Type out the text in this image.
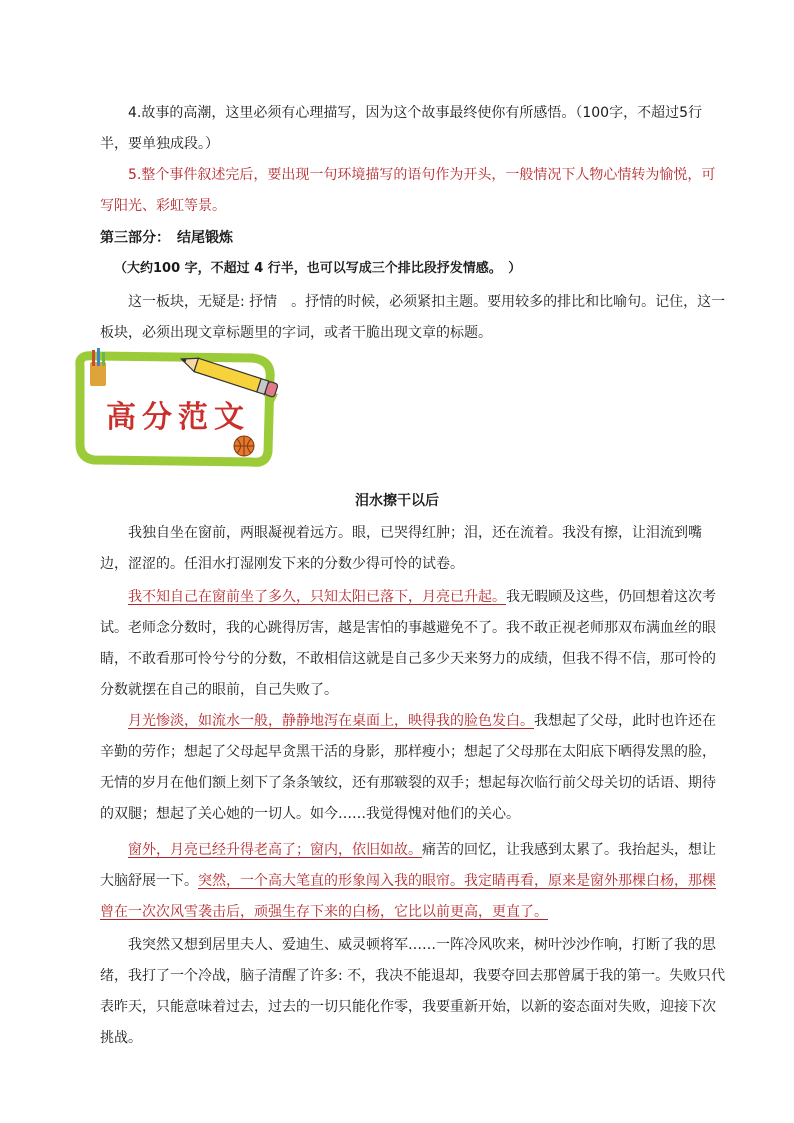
4.故事的高潮，这里必须有心理描写，因为这个故事最终使你有所感悟。（100字，不超过5行半，要单独成段。）

5.整个事件叙述完后，要出现一句环境描写的语句作为开头，一般情况下人物心情转为愉悦，可写阳光、彩虹等景。

第三部分：　结尾锻炼
（大约100 字，不超过 4 行半，也可以写成三个排比段抒发情感。　）

这一板块，无疑是: 抒情　。抒情的时候，必须紧扣主题。要用较多的排比和比喻句。记住，这一板块，必须出现文章标题里的字词，或者干脆出现文章的标题。

高分范文
泪水擦干以后

我独自坐在窗前，两眼凝视着远方。眼，已哭得红肿；泪，还在流着。我没有擦，让泪流到嘴边，涩涩的。任泪水打湿刚发下来的分数少得可怜的试卷。

我不知自己在窗前坐了多久，只知太阳已落下，月亮已升起。我无暇顾及这些，仍回想着这次考试。老师念分数时，我的心跳得厉害，越是害怕的事越避免不了。我不敢正视老师那双布满血丝的眼睛，不敢看那可怜兮兮的分数，不敢相信这就是自己多少天来努力的成绩，但我不得不信，那可怜的分数就摆在自己的眼前，自己失败了。

月光惨淡，如流水一般，静静地泻在桌面上，映得我的脸色发白。我想起了父母，此时也许还在辛勤的劳作；想起了父母起早贪黑干活的身影，那样瘦小；想起了父母那在太阳底下晒得发黑的脸，无情的岁月在他们额上刻下了条条皱纹，还有那皲裂的双手；想起每次临行前父母关切的话语、期待的双腿；想起了关心她的一切人。如今……我觉得愧对他们的关心。

窗外，月亮已经升得老高了；窗内，依旧如故。痛苦的回忆，让我感到太累了。我抬起头，想让大脑舒展一下。突然，一个高大笔直的形象闯入我的眼帘。我定睛再看，原来是窗外那棵白杨，那棵曾在一次次风雪袭击后，顽强生存下来的白杨，它比以前更高，更直了。

我突然又想到居里夫人、爱迪生、威灵顿将军……一阵冷风吹来，树叶沙沙作响，打断了我的思绪，我打了一个冷战，脑子清醒了许多: 不，我决不能退却，我要夺回去那曾属于我的第一。失败只代表昨天，只能意味着过去，过去的一切只能化作零，我要重新开始，以新的姿态面对失败，迎接下次挑战。
